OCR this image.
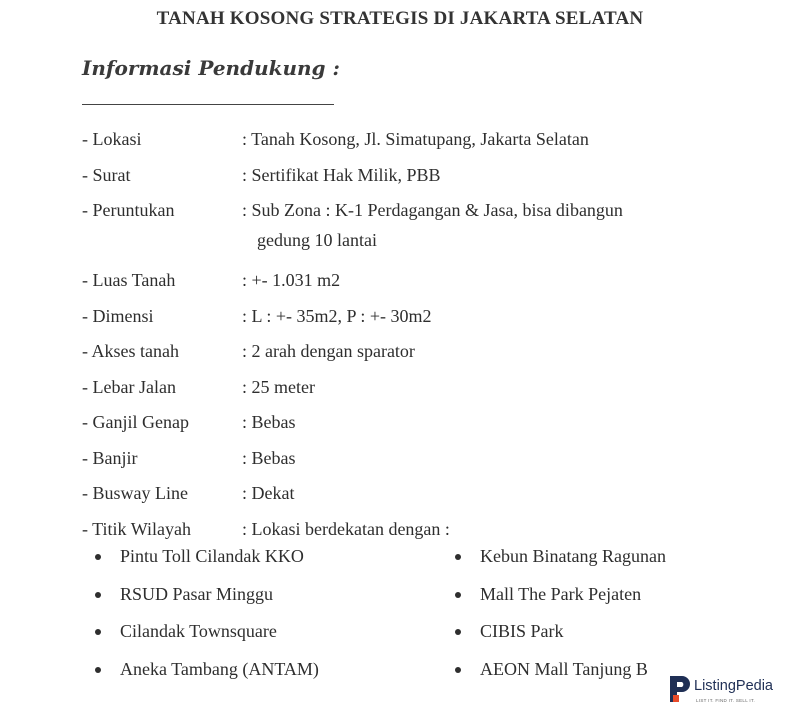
TANAH KOSONG STRATEGIS DI JAKARTA SELATAN
Informasi Pendukung :
- Lokasi	: Tanah Kosong, Jl. Simatupang, Jakarta Selatan
- Surat	: Sertifikat Hak Milik, PBB
- Peruntukan	: Sub Zona : K-1 Perdagangan & Jasa, bisa dibangun
gedung 10 lantai
- Luas Tanah	: +- 1.031 m2
- Dimensi	: L : +- 35m2, P : +- 30m2
- Akses tanah	: 2 arah dengan sparator
- Lebar Jalan	: 25 meter
- Ganjil Genap	: Bebas
- Banjir	: Bebas
- Busway Line	: Dekat
- Titik Wilayah	: Lokasi berdekatan dengan :
Pintu Toll Cilandak KKO
RSUD Pasar Minggu
Cilandak Townsquare
Aneka Tambang (ANTAM)
Kebun Binatang Ragunan
Mall The Park Pejaten
CIBIS Park
AEON Mall Tanjung B
ListingPedia
LIST IT. FIND IT. SELL IT.
